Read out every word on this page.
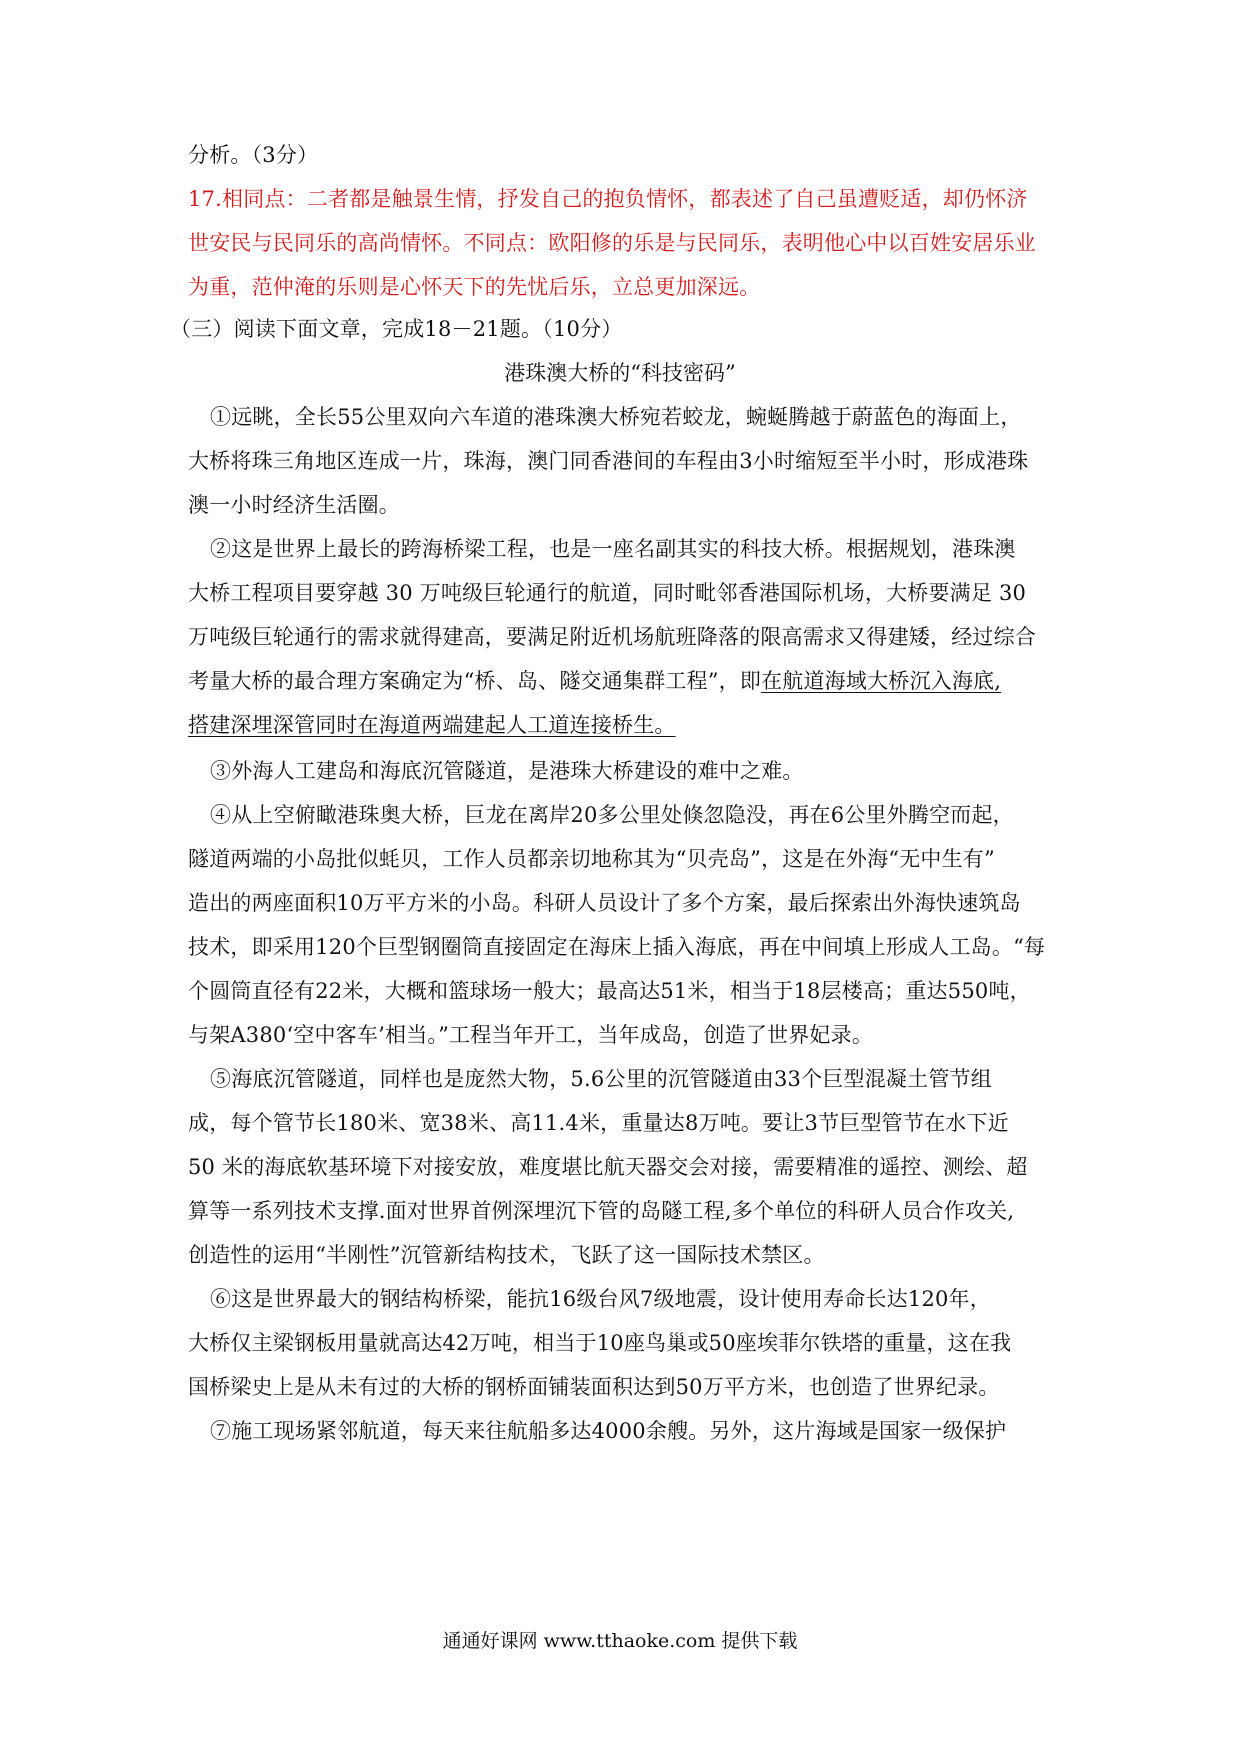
分析。（3分）
17.相同点：二者都是触景生情，抒发自己的抱负情怀，都表述了自己虽遭贬适，却仍怀济
世安民与民同乐的高尚情怀。不同点：欧阳修的乐是与民同乐，表明他心中以百姓安居乐业
为重，范仲淹的乐则是心怀天下的先忧后乐，立总更加深远。
（三）阅读下面文章，完成18－21题。（10分）
港珠澳大桥的“科技密码”
①远眺，全长55公里双向六车道的港珠澳大桥宛若蛟龙，蜿蜒腾越于蔚蓝色的海面上，
大桥将珠三角地区连成一片，珠海，澳门同香港间的车程由3小时缩短至半小时，形成港珠
澳一小时经济生活圈。
②这是世界上最长的跨海桥梁工程，也是一座名副其实的科技大桥。根据规划，港珠澳
大桥工程项目要穿越 30 万吨级巨轮通行的航道，同时毗邻香港国际机场，大桥要满足 30
万吨级巨轮通行的需求就得建高，要满足附近机场航班降落的限高需求又得建矮，经过综合
考量大桥的最合理方案确定为“桥、岛、隧交通集群工程”，即在航道海域大桥沉入海底,
搭建深埋深管同时在海道两端建起人工道连接桥生。
③外海人工建岛和海底沉管隧道，是港珠大桥建设的难中之难。
④从上空俯瞰港珠奥大桥，巨龙在离岸20多公里处倏忽隐没，再在6公里外腾空而起，
隧道两端的小岛批似蚝贝，工作人员都亲切地称其为“贝壳岛”，这是在外海“无中生有”
造出的两座面积10万平方米的小岛。科研人员设计了多个方案，最后探索出外海快速筑岛
技术，即采用120个巨型钢圈筒直接固定在海床上插入海底，再在中间填上形成人工岛。“每
个圆筒直径有22米，大概和篮球场一般大；最高达51米，相当于18层楼高；重达550吨，
与架A380‘空中客车’相当。”工程当年开工，当年成岛，创造了世界妃录。
⑤海底沉管隧道，同样也是庞然大物，5.6公里的沉管隧道由33个巨型混凝土管节组
成，每个管节长180米、宽38米、高11.4米，重量达8万吨。要让3节巨型管节在水下近
50 米的海底软基环境下对接安放，难度堪比航天器交会对接，需要精准的遥控、测绘、超
算等一系列技术支撑.面对世界首例深埋沉下管的岛隧工程,多个单位的科研人员合作攻关,
创造性的运用“半刚性”沉管新结构技术，飞跃了这一国际技术禁区。
⑥这是世界最大的钢结构桥梁，能抗16级台风7级地震，设计使用寿命长达120年，
大桥仅主梁钢板用量就高达42万吨，相当于10座鸟巢或50座埃菲尔铁塔的重量，这在我
国桥梁史上是从未有过的大桥的钢桥面铺装面积达到50万平方米，也创造了世界纪录。
⑦施工现场紧邻航道，每天来往航船多达4000余艘。另外，这片海域是国家一级保护
通通好课网 www.tthaoke.com 提供下载
